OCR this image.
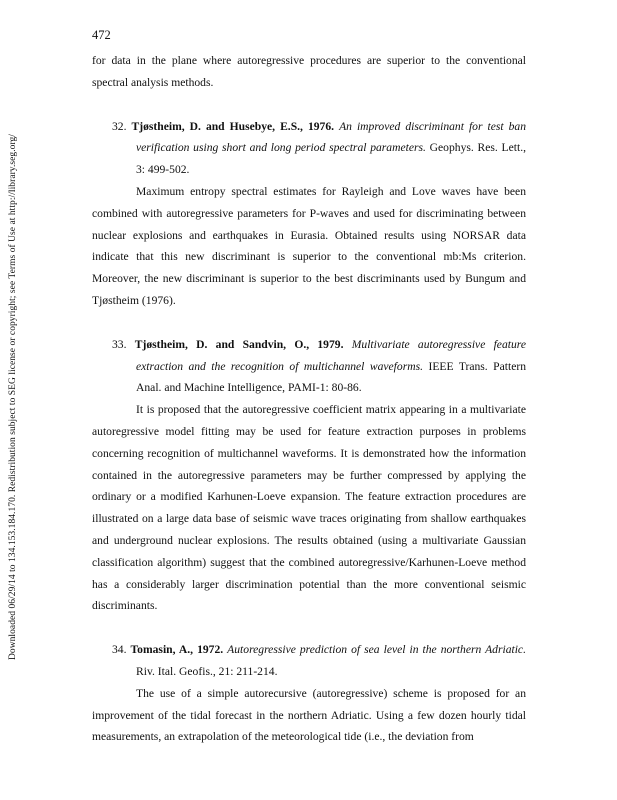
472
Downloaded 06/29/14 to 134.153.184.170. Redistribution subject to SEG license or copyright; see Terms of Use at http://library.seg.org/

for data in the plane where autoregressive procedures are superior to the conventional spectral analysis methods.

32. Tjøstheim, D. and Husebye, E.S., 1976. An improved discriminant for test ban verification using short and long period spectral parameters. Geophys. Res. Lett., 3: 499-502.

Maximum entropy spectral estimates for Rayleigh and Love waves have been combined with autoregressive parameters for P-waves and used for discriminating between nuclear explosions and earthquakes in Eurasia. Obtained results using NORSAR data indicate that this new discriminant is superior to the conventional mb:Ms criterion. Moreover, the new discriminant is superior to the best discriminants used by Bungum and Tjøstheim (1976).

33. Tjøstheim, D. and Sandvin, O., 1979. Multivariate autoregressive feature extraction and the recognition of multichannel waveforms. IEEE Trans. Pattern Anal. and Machine Intelligence, PAMI-1: 80-86.

It is proposed that the autoregressive coefficient matrix appearing in a multivariate autoregressive model fitting may be used for feature extraction purposes in problems concerning recognition of multichannel waveforms. It is demonstrated how the information contained in the autoregressive parameters may be further compressed by applying the ordinary or a modified Karhunen-Loeve expansion. The feature extraction procedures are illustrated on a large data base of seismic wave traces originating from shallow earthquakes and underground nuclear explosions. The results obtained (using a multivariate Gaussian classification algorithm) suggest that the combined autoregressive/Karhunen-Loeve method has a considerably larger discrimination potential than the more conventional seismic discriminants.

34. Tomasin, A., 1972. Autoregressive prediction of sea level in the northern Adriatic. Riv. Ital. Geofis., 21: 211-214.

The use of a simple autorecursive (autoregressive) scheme is proposed for an improvement of the tidal forecast in the northern Adriatic. Using a few dozen hourly tidal measurements, an extrapolation of the meteorological tide (i.e., the deviation from
